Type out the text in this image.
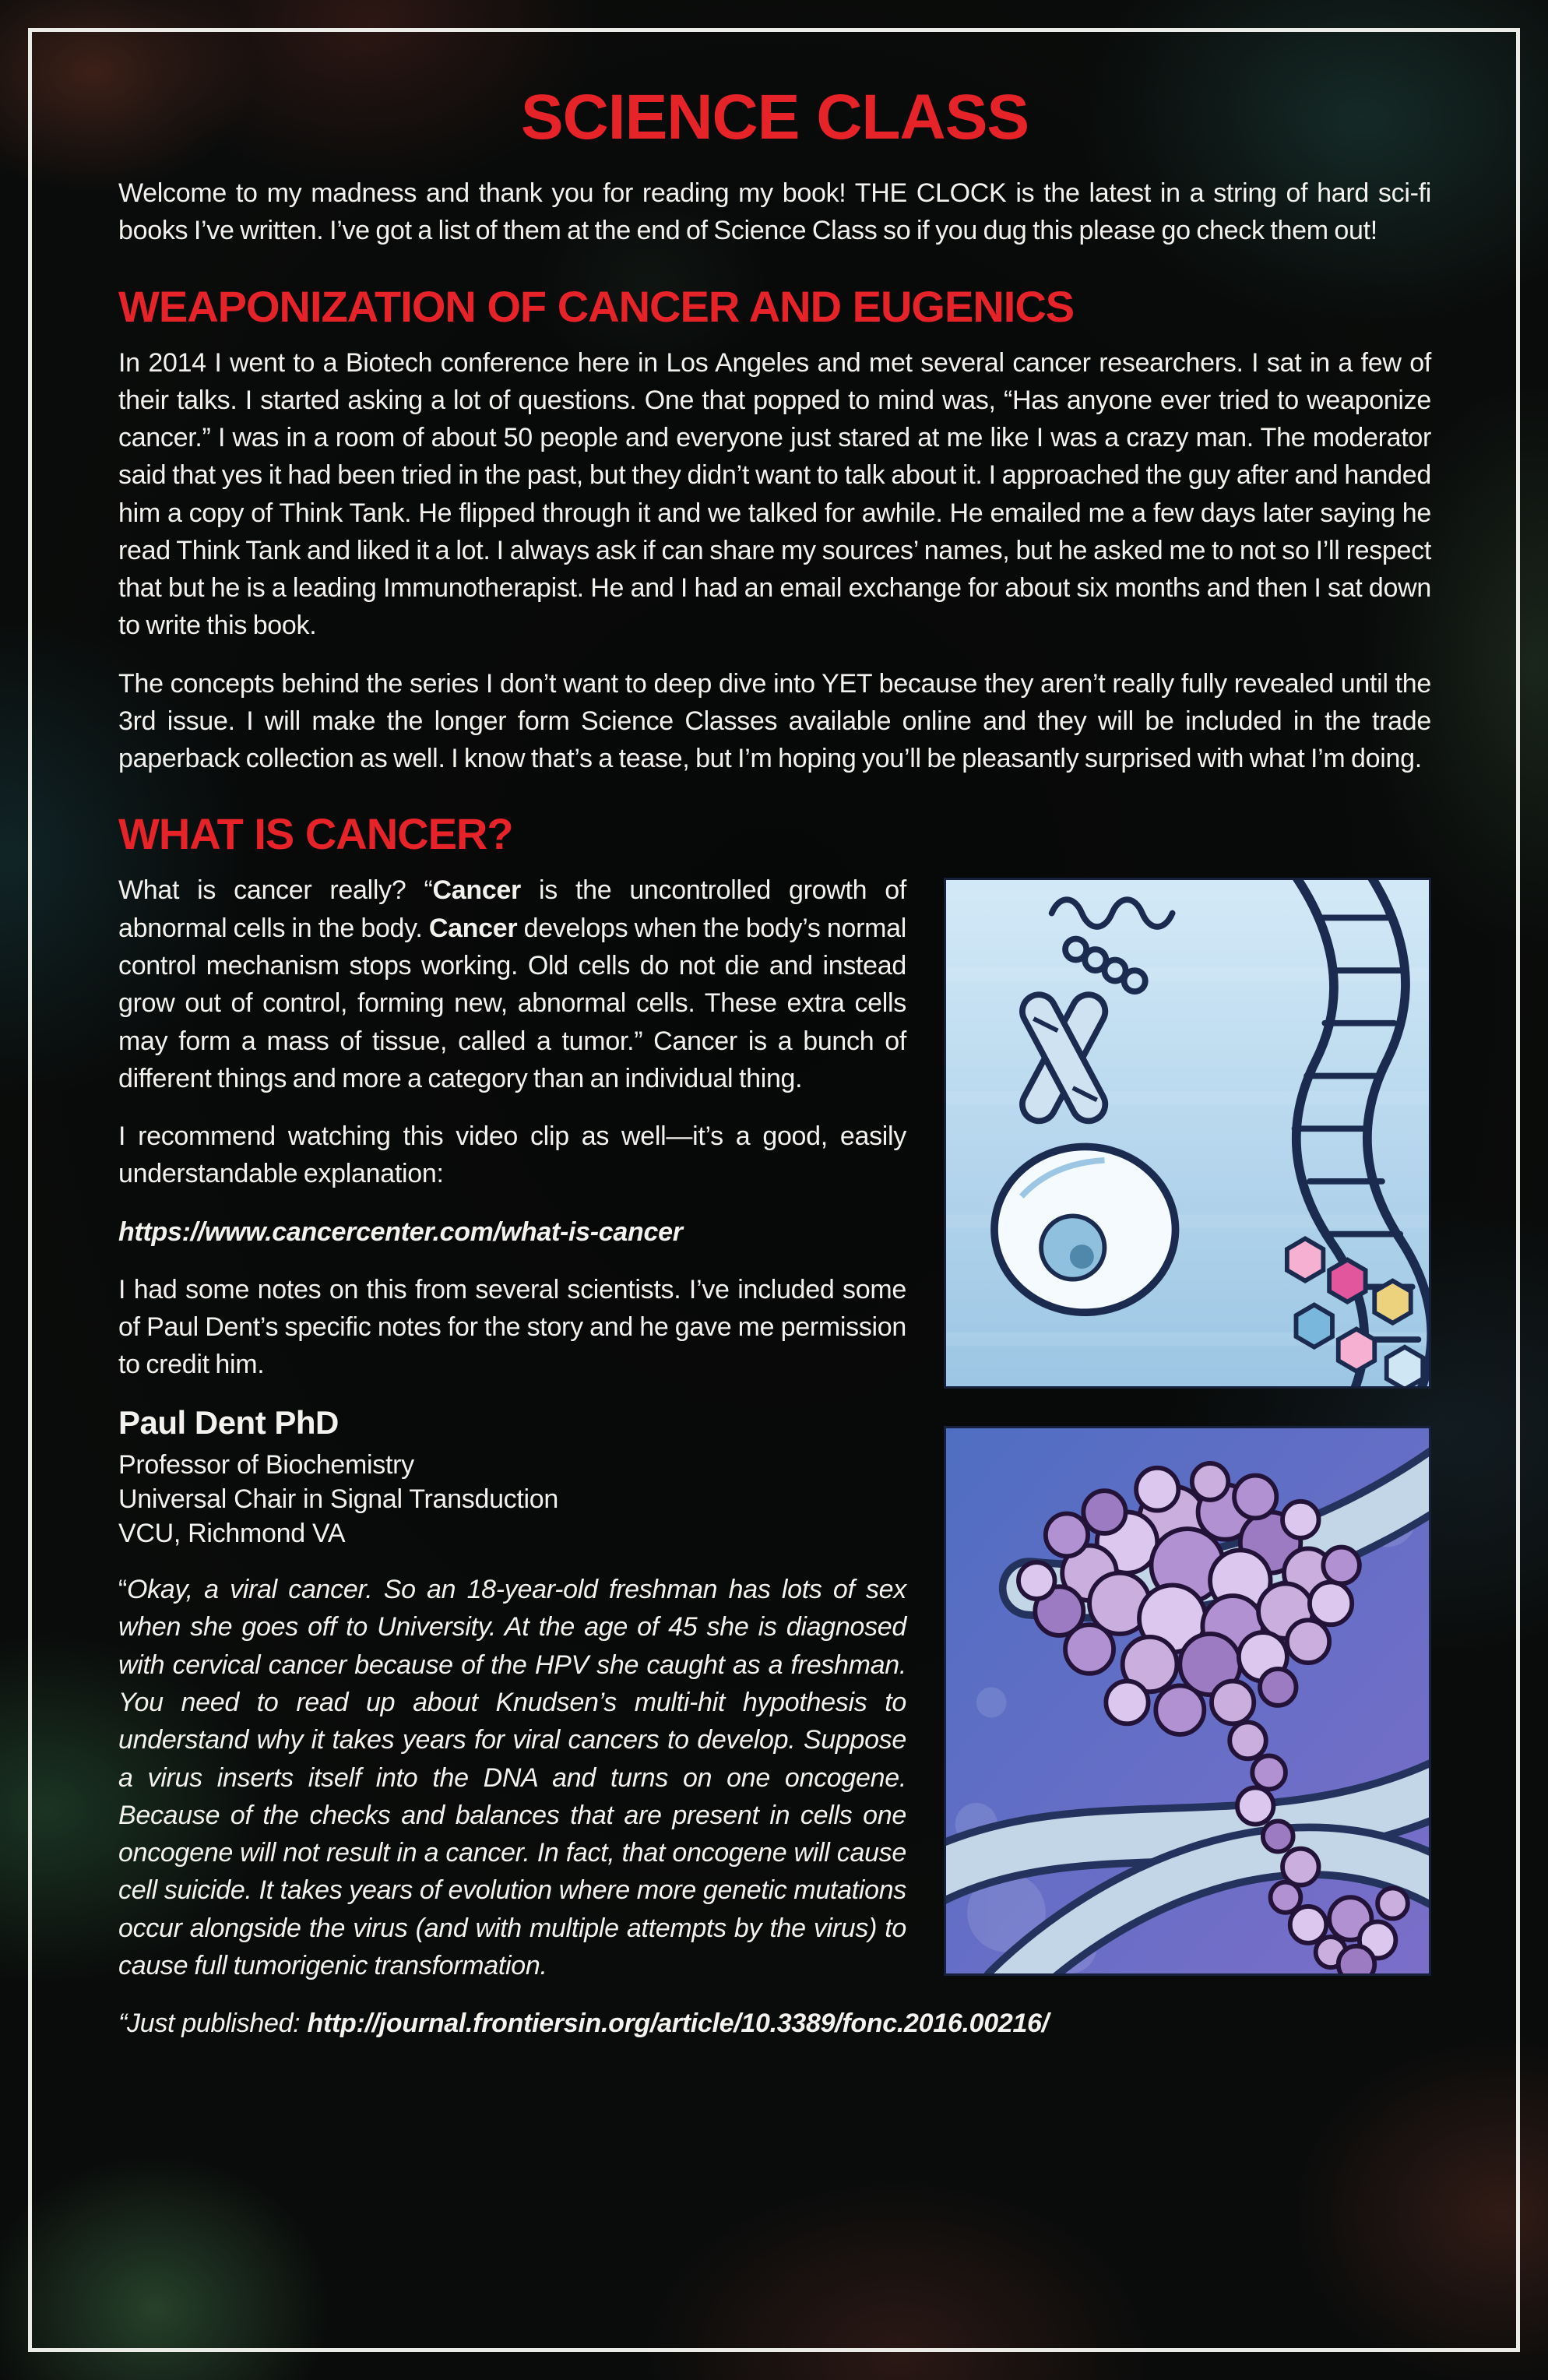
SCIENCE CLASS

Welcome to my madness and thank you for reading my book! THE CLOCK is the latest in a string of hard sci-fi books I’ve written. I’ve got a list of them at the end of Science Class so if you dug this please go check them out!

WEAPONIZATION OF CANCER AND EUGENICS

In 2014 I went to a Biotech conference here in Los Angeles and met several cancer researchers. I sat in a few of their talks. I started asking a lot of questions. One that popped to mind was, “Has anyone ever tried to weaponize cancer.” I was in a room of about 50 people and everyone just stared at me like I was a crazy man. The moderator said that yes it had been tried in the past, but they didn’t want to talk about it. I approached the guy after and handed him a copy of Think Tank. He flipped through it and we talked for awhile. He emailed me a few days later saying he read Think Tank and liked it a lot. I always ask if can share my sources’ names, but he asked me to not so I’ll respect that but he is a leading Immunotherapist. He and I had an email exchange for about six months and then I sat down to write this book.

The concepts behind the series I don’t want to deep dive into YET because they aren’t really fully revealed until the 3rd issue. I will make the longer form Science Classes available online and they will be included in the trade paperback collection as well. I know that’s a tease, but I’m hoping you’ll be pleasantly surprised with what I’m doing.

WHAT IS CANCER?

What is cancer really? “Cancer is the uncontrolled growth of abnormal cells in the body. Cancer develops when the body’s normal control mechanism stops working. Old cells do not die and instead grow out of control, forming new, abnormal cells. These extra cells may form a mass of tissue, called a tumor.” Cancer is a bunch of different things and more a category than an individual thing.

I recommend watching this video clip as well—it’s a good, easily understandable explanation:

https://www.cancercenter.com/what-is-cancer

I had some notes on this from several scientists. I’ve included some of Paul Dent’s specific notes for the story and he gave me permission to credit him.

Paul Dent PhD

Professor of Biochemistry

Universal Chair in Signal Transduction

VCU, Richmond VA

“Okay, a viral cancer. So an 18-year-old freshman has lots of sex when she goes off to University. At the age of 45 she is diagnosed with cervical cancer because of the HPV she caught as a freshman. You need to read up about Knudsen’s multi-hit hypothesis to understand why it takes years for viral cancers to develop. Suppose a virus inserts itself into the DNA and turns on one oncogene. Because of the checks and balances that are present in cells one oncogene will not result in a cancer. In fact, that oncogene will cause cell suicide. It takes years of evolution where more genetic mutations occur alongside the virus (and with multiple attempts by the virus) to cause full tumorigenic transformation.

“Just published: http://journal.frontiersin.org/article/10.3389/fonc.2016.00216/
